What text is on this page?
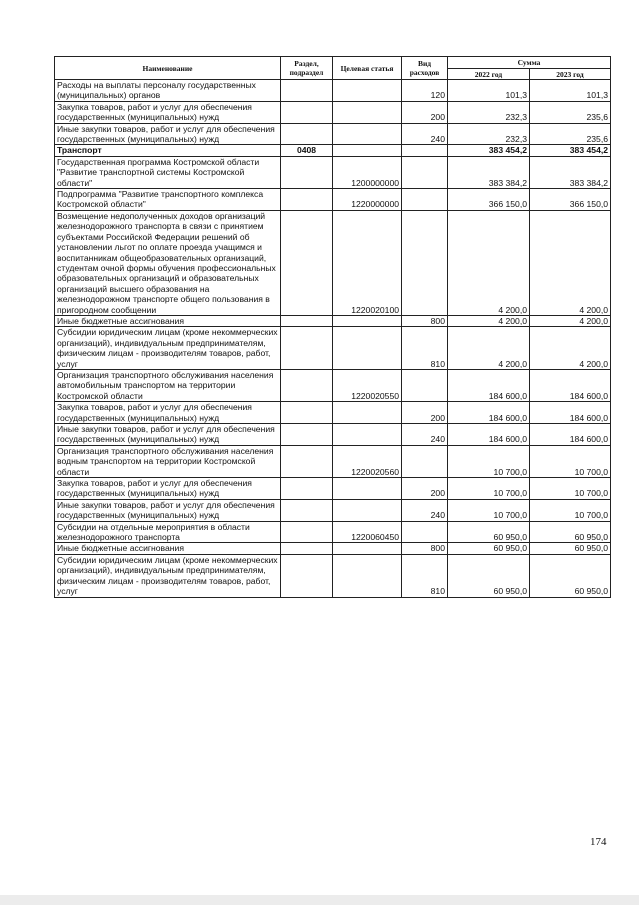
Наименование	Раздел, подраздел	Целевая статья	Вид расходов	Сумма	
				2022 год	2023 год
Расходы на выплаты персоналу государственных (муниципальных) органов			120	101,3	101,3
Закупка товаров, работ и услуг для обеспечения государственных (муниципальных) нужд			200	232,3	235,6
Иные закупки товаров, работ и услуг для обеспечения государственных (муниципальных) нужд			240	232,3	235,6
Транспорт	0408			383 454,2	383 454,2
Государственная программа Костромской области "Развитие транспортной системы Костромской области"		1200000000		383 384,2	383 384,2
Подпрограмма "Развитие транспортного комплекса Костромской области"		1220000000		366 150,0	366 150,0
Возмещение недополученных доходов организаций железнодорожного транспорта в связи с принятием субъектами Российской Федерации решений об установлении льгот по оплате проезда учащимся и воспитанникам общеобразовательных организаций, студентам очной формы обучения профессиональных образовательных организаций и образовательных организаций высшего образования на железнодорожном транспорте общего пользования в пригородном сообщении		1220020100		4 200,0	4 200,0
Иные бюджетные ассигнования			800	4 200,0	4 200,0
Субсидии юридическим лицам (кроме некоммерческих организаций), индивидуальным предпринимателям, физическим лицам - производителям товаров, работ, услуг			810	4 200,0	4 200,0
Организация транспортного обслуживания населения автомобильным транспортом на территории Костромской области		1220020550		184 600,0	184 600,0
Закупка товаров, работ и услуг для обеспечения государственных (муниципальных) нужд			200	184 600,0	184 600,0
Иные закупки товаров, работ и услуг для обеспечения государственных (муниципальных) нужд			240	184 600,0	184 600,0
Организация транспортного обслуживания населения водным транспортом на территории Костромской области		1220020560		10 700,0	10 700,0
Закупка товаров, работ и услуг для обеспечения государственных (муниципальных) нужд			200	10 700,0	10 700,0
Иные закупки товаров, работ и услуг для обеспечения государственных (муниципальных) нужд			240	10 700,0	10 700,0
Субсидии на отдельные мероприятия в области железнодорожного транспорта		1220060450		60 950,0	60 950,0
Иные бюджетные ассигнования			800	60 950,0	60 950,0
Субсидии юридическим лицам (кроме некоммерческих организаций), индивидуальным предпринимателям, физическим лицам - производителям товаров, работ, услуг			810	60 950,0	60 950,0
174
